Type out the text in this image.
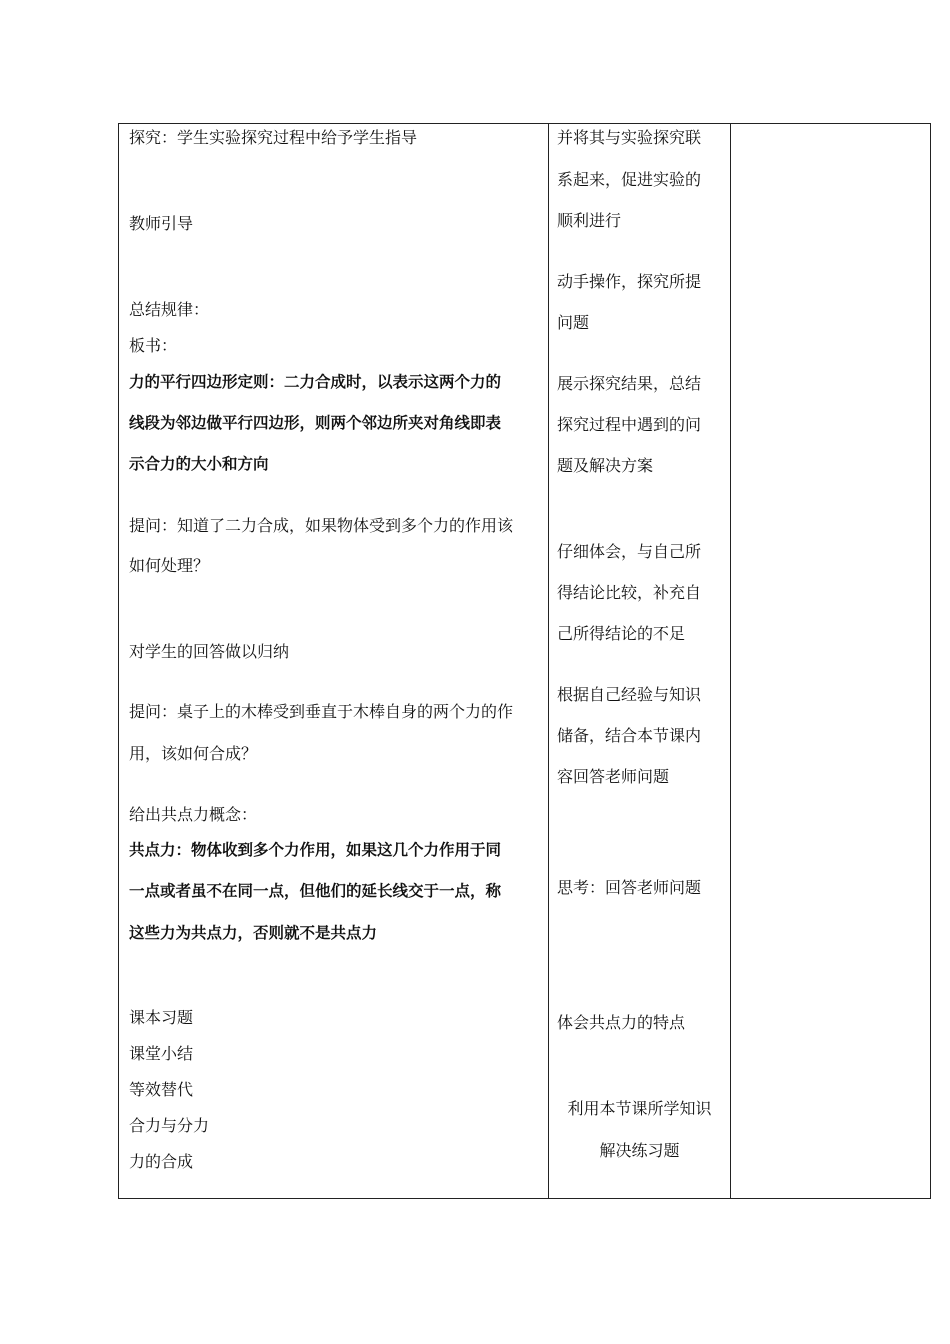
探究：学生实验探究过程中给予学生指导
教师引导
总结规律：
板书：
力的平行四边形定则：二力合成时，以表示这两个力的
线段为邻边做平行四边形，则两个邻边所夹对角线即表
示合力的大小和方向
提问：知道了二力合成，如果物体受到多个力的作用该
如何处理？
对学生的回答做以归纳
提问：桌子上的木棒受到垂直于木棒自身的两个力的作
用，该如何合成？
给出共点力概念：
共点力：物体收到多个力作用，如果这几个力作用于同
一点或者虽不在同一点，但他们的延长线交于一点，称
这些力为共点力，否则就不是共点力
课本习题
课堂小结
等效替代
合力与分力
力的合成
并将其与实验探究联
系起来，促进实验的
顺利进行
动手操作，探究所提
问题
展示探究结果，总结
探究过程中遇到的问
题及解决方案
仔细体会，与自己所
得结论比较，补充自
己所得结论的不足
根据自己经验与知识
储备，结合本节课内
容回答老师问题
思考：回答老师问题
体会共点力的特点
利用本节课所学知识
解决练习题
